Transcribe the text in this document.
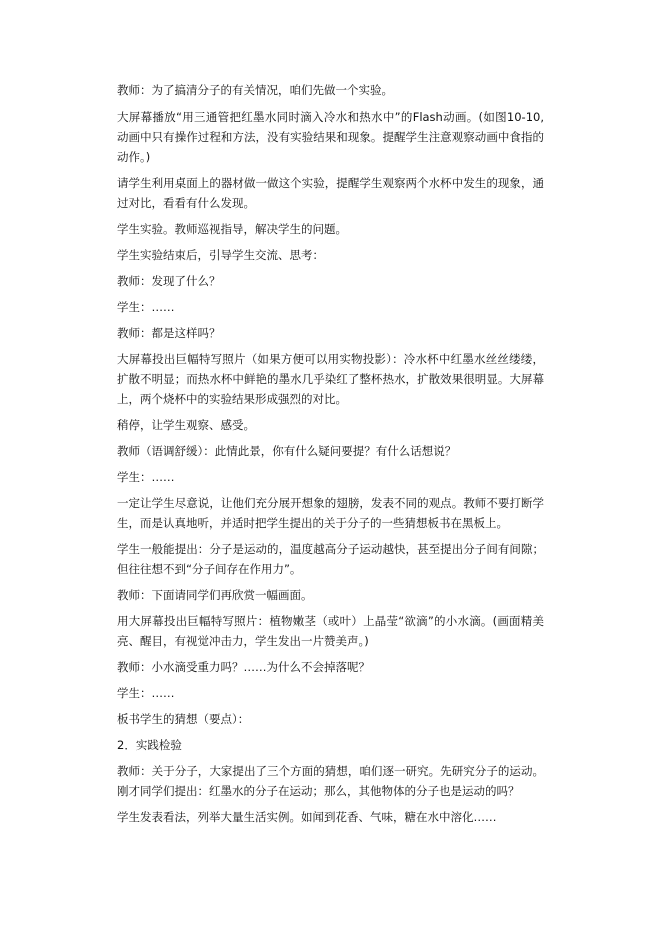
教师：为了搞清分子的有关情况，咱们先做一个实验。

大屏幕播放“用三通管把红墨水同时滴入冷水和热水中”的Flash动画。(如图10-10,动画中只有操作过程和方法，没有实验结果和现象。提醒学生注意观察动画中食指的动作。)

请学生利用桌面上的器材做一做这个实验，提醒学生观察两个水杯中发生的现象，通过对比，看看有什么发现。

学生实验。教师巡视指导，解决学生的问题。

学生实验结束后，引导学生交流、思考：

教师：发现了什么？

学生：……

教师：都是这样吗？

大屏幕投出巨幅特写照片（如果方便可以用实物投影）：冷水杯中红墨水丝丝缕缕，扩散不明显；而热水杯中鲜艳的墨水几乎染红了整杯热水，扩散效果很明显。大屏幕上，两个烧杯中的实验结果形成强烈的对比。

稍停，让学生观察、感受。

教师（语调舒缓）：此情此景，你有什么疑问要提？有什么话想说？

学生：……

一定让学生尽意说，让他们充分展开想象的翅膀，发表不同的观点。教师不要打断学生，而是认真地听，并适时把学生提出的关于分子的一些猜想板书在黑板上。

学生一般能提出：分子是运动的，温度越高分子运动越快，甚至提出分子间有间隙；但往往想不到“分子间存在作用力”。

教师：下面请同学们再欣赏一幅画面。

用大屏幕投出巨幅特写照片：植物嫩茎（或叶）上晶莹“欲滴”的小水滴。(画面精美亮、醒目，有视觉冲击力，学生发出一片赞美声。)

教师：小水滴受重力吗？……为什么不会掉落呢？

学生：……

板书学生的猜想（要点）：

2．实践检验

教师：关于分子，大家提出了三个方面的猜想，咱们逐一研究。先研究分子的运动。刚才同学们提出：红墨水的分子在运动；那么，其他物体的分子也是运动的吗？

学生发表看法，列举大量生活实例。如闻到花香、气味，糖在水中溶化……
